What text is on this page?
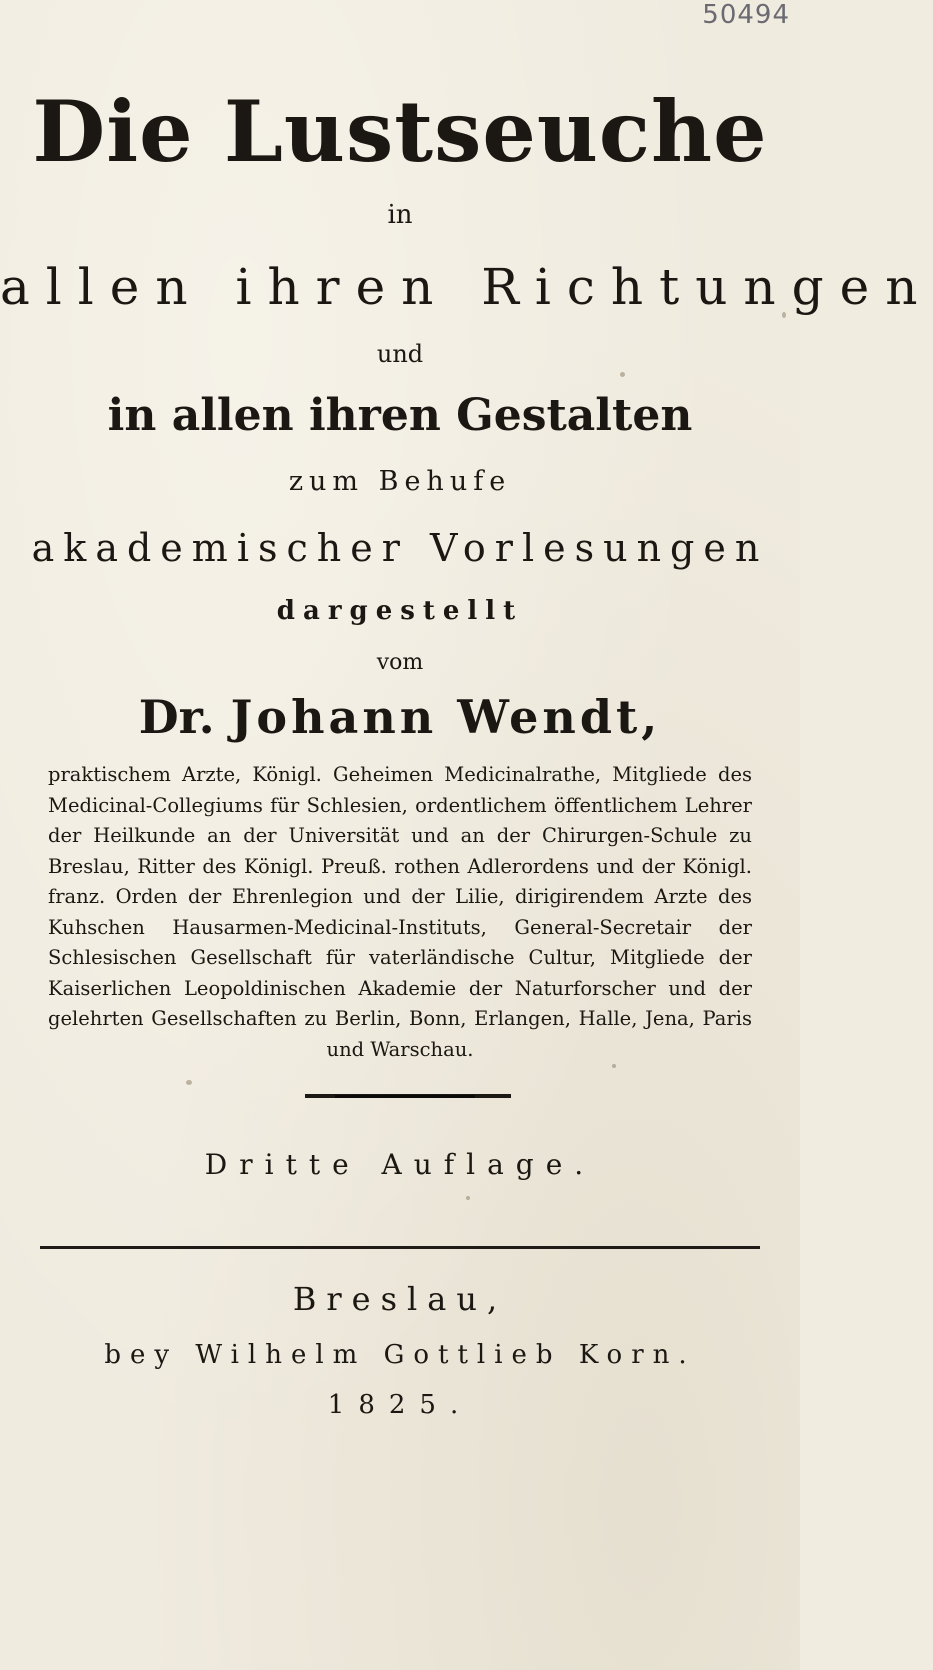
50494
Die Lustseuche
in
allen ihren Richtungen
und
in allen ihren Gestalten
zum Behufe
akademischer Vorlesungen
dargestellt
vom
Dr. Johann Wendt,
praktischem Arzte, Königl. Geheimen Medicinalrathe, Mitgliede des Medicinal-Collegiums für Schlesien, ordentlichem öffentlichem Lehrer der Heilkunde an der Universität und an der Chirurgen-Schule zu Breslau, Ritter des Königl. Preuß. rothen Adlerordens und der Königl. franz. Orden der Ehrenlegion und der Lilie, dirigirendem Arzte des Kuhschen Hausarmen-Medicinal-Instituts, General-Secretair der Schlesischen Gesellschaft für vaterländische Cultur, Mitgliede der Kaiserlichen Leopoldinischen Akademie der Naturforscher und der gelehrten Gesellschaften zu Berlin, Bonn, Erlangen, Halle, Jena, Paris und Warschau.
Dritte Auflage.
Breslau,
bey Wilhelm Gottlieb Korn.
1825.
